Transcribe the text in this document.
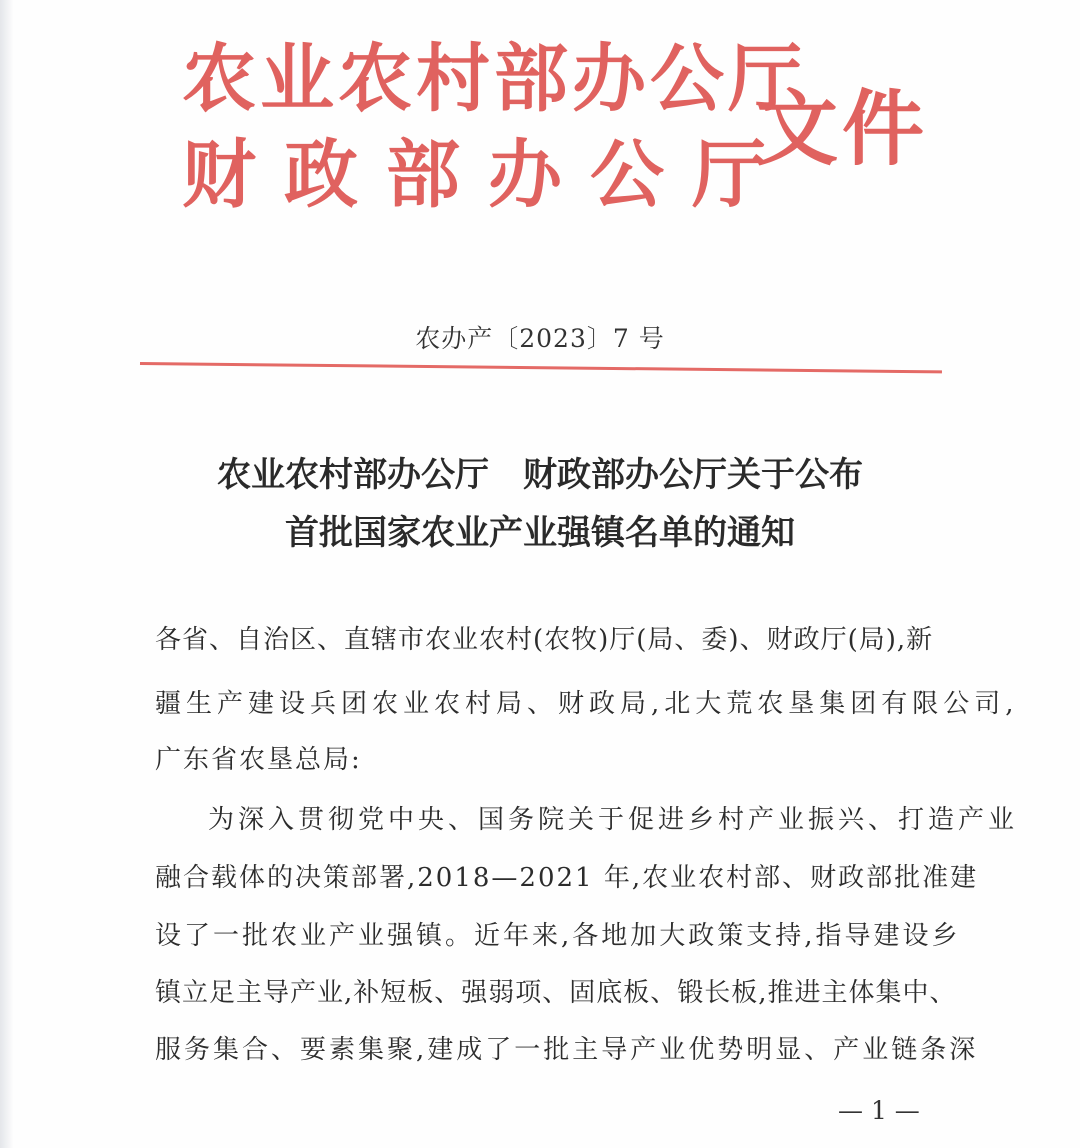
农业农村部办公厅
财政部办公厅
文件
农办产〔2023〕7 号
农业农村部办公厅　财政部办公厅关于公布
首批国家农业产业强镇名单的通知
各省、自治区、直辖市农业农村(农牧)厅(局、委)、财政厅(局),新
疆生产建设兵团农业农村局、财政局,北大荒农垦集团有限公司,
广东省农垦总局:
为深入贯彻党中央、国务院关于促进乡村产业振兴、打造产业
融合载体的决策部署,2018—2021 年,农业农村部、财政部批准建
设了一批农业产业强镇。近年来,各地加大政策支持,指导建设乡
镇立足主导产业,补短板、强弱项、固底板、锻长板,推进主体集中、
服务集合、要素集聚,建成了一批主导产业优势明显、产业链条深
— 1 —
